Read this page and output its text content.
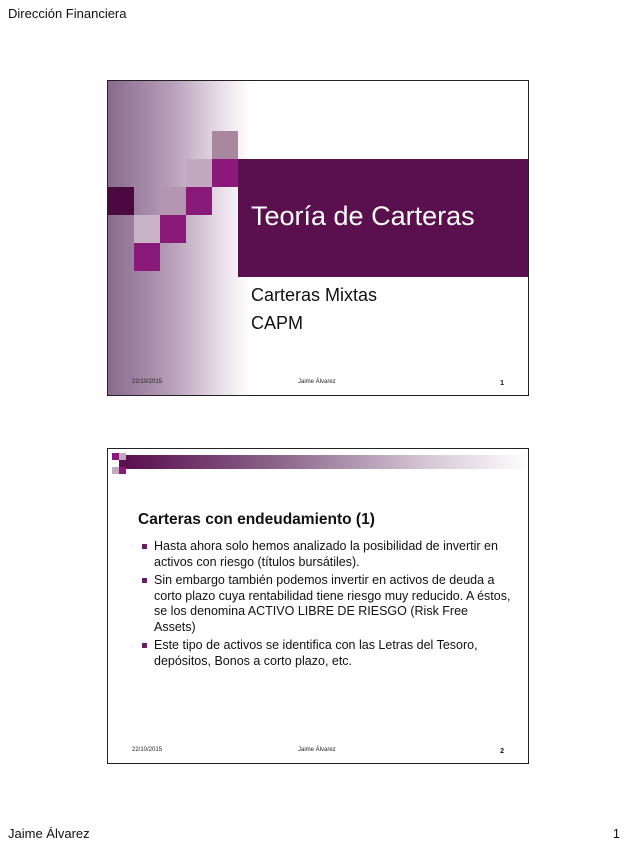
Dirección Financiera
Teoría de Carteras
Carteras Mixtas
CAPM
22/10/2015	Jaime Álvarez	1
Carteras con endeudamiento (1)
Hasta ahora solo hemos analizado la posibilidad de invertir en activos con riesgo (títulos bursátiles).
Sin embargo también podemos invertir en activos de deuda a corto plazo cuya rentabilidad tiene riesgo muy reducido. A éstos, se los denomina ACTIVO LIBRE DE RIESGO (Risk Free Assets)
Este tipo de activos se identifica con las Letras del Tesoro, depósitos, Bonos a corto plazo, etc.
22/10/2015	Jaime Álvarez	2
Jaime Álvarez	1
